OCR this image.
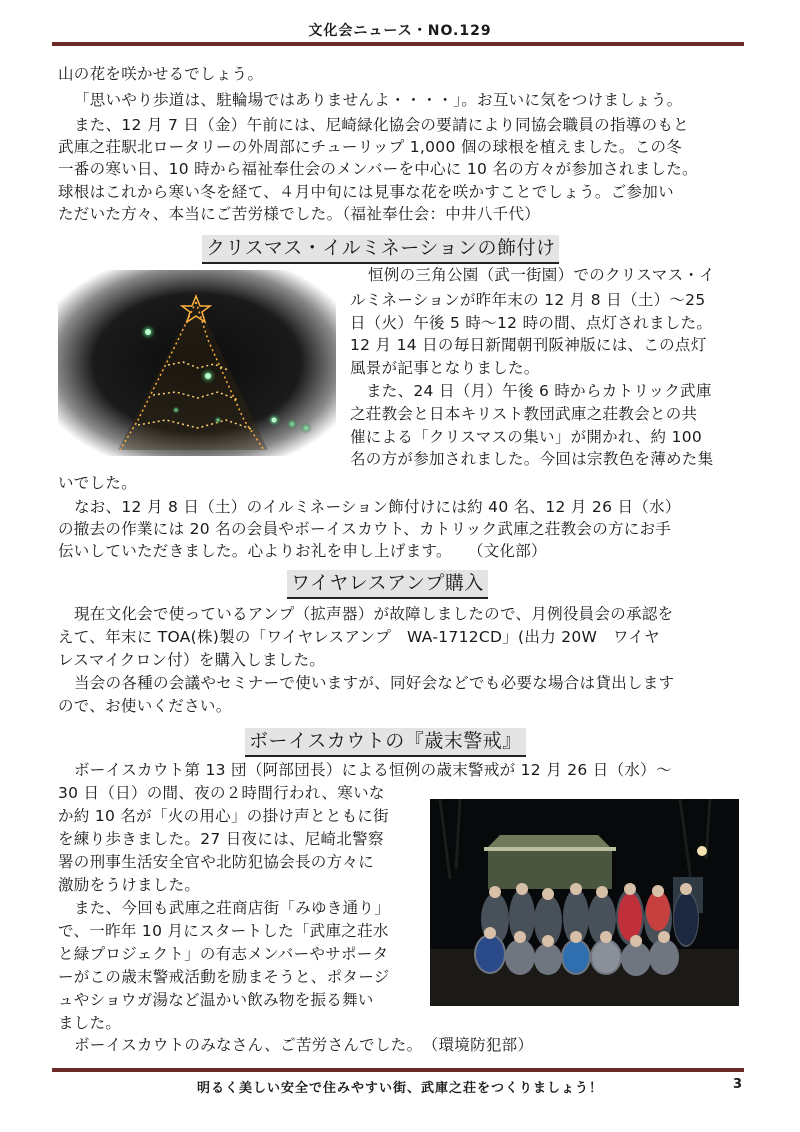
文化会ニュース・NO.129
山の花を咲かせるでしょう。
「思いやり歩道は、駐輪場ではありませんよ・・・・」。お互いに気をつけましょう。
また、12 月 7 日（金）午前には、尼崎緑化協会の要請により同協会職員の指導のもと
武庫之荘駅北ロータリーの外周部にチューリップ 1,000 個の球根を植えました。この冬
一番の寒い日、10 時から福祉奉仕会のメンバーを中心に 10 名の方々が参加されました。
球根はこれから寒い冬を経て、４月中旬には見事な花を咲かすことでしょう。ご参加い
ただいた方々、本当にご苦労様でした。（福祉奉仕会：中井八千代）
クリスマス・イルミネーションの飾付け
恒例の三角公園（武一街園）でのクリスマス・イ
ルミネーションが昨年末の 12 月 8 日（土）～25
日（火）午後 5 時～12 時の間、点灯されました。
12 月 14 日の毎日新聞朝刊阪神版には、この点灯
風景が記事となりました。
また、24 日（月）午後 6 時からカトリック武庫
之荘教会と日本キリスト教団武庫之荘教会との共
催による「クリスマスの集い」が開かれ、約 100
名の方が参加されました。今回は宗教色を薄めた集
いでした。
なお、12 月 8 日（土）のイルミネーション飾付けには約 40 名、12 月 26 日（水）
の撤去の作業には 20 名の会員やボーイスカウト、カトリック武庫之荘教会の方にお手
伝いしていただきました。心よりお礼を申し上げます。　　（文化部）
ワイヤレスアンプ購入
現在文化会で使っているアンプ（拡声器）が故障しましたので、月例役員会の承認を
えて、年末に TOA(株)製の「ワイヤレスアンプ　WA-1712CD」(出力 20W　ワイヤ
レスマイクロン付）を購入しました。
当会の各種の会議やセミナーで使いますが、同好会などでも必要な場合は貸出します
ので、お使いください。
ボーイスカウトの『歳末警戒』
ボーイスカウト第 13 団（阿部団長）による恒例の歳末警戒が 12 月 26 日（水）～
30 日（日）の間、夜の２時間行われ、寒いな
か約 10 名が「火の用心」の掛け声とともに街
を練り歩きました。27 日夜には、尼崎北警察
署の刑事生活安全官や北防犯協会長の方々に
激励をうけました。
また、今回も武庫之荘商店街「みゆき通り」
で、一昨年 10 月にスタートした「武庫之荘水
と緑プロジェクト」の有志メンバーやサポータ
ーがこの歳末警戒活動を励まそうと、ポタージ
ュやショウガ湯など温かい飲み物を振る舞い
ました。
ボーイスカウトのみなさん、ご苦労さんでした。　（環境防犯部）
明るく美しい安全で住みやすい街、武庫之荘をつくりましょう！	3
